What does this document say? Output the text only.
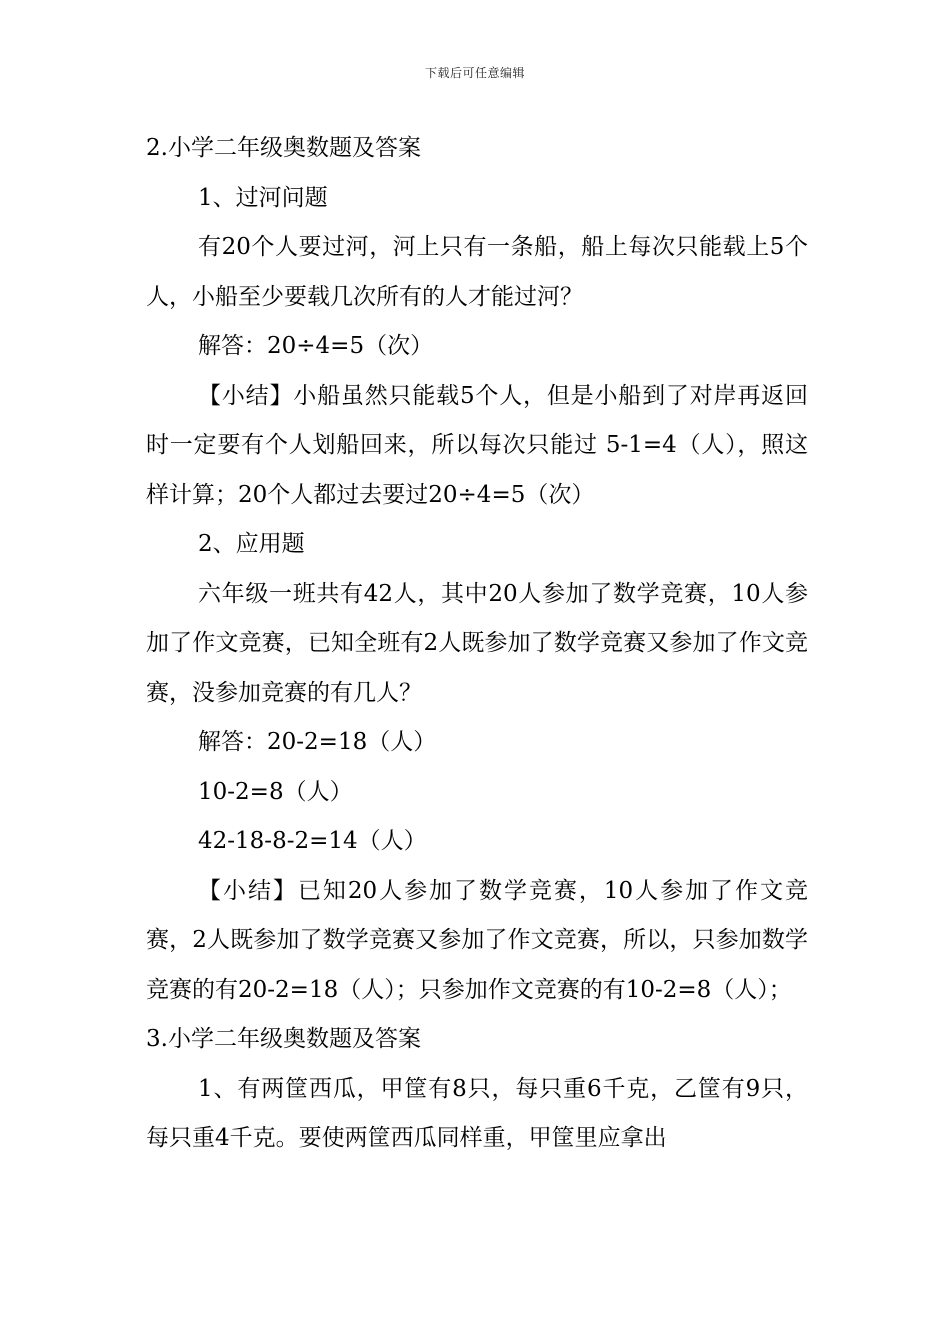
下载后可任意编辑

2.小学二年级奥数题及答案

1、过河问题

有20个人要过河，河上只有一条船，船上每次只能载上5个人，小船至少要载几次所有的人才能过河？

解答：20÷4=5（次）

【小结】小船虽然只能载5个人，但是小船到了对岸再返回时一定要有个人划船回来，所以每次只能过 5-1=4（人），照这样计算；20个人都过去要过20÷4=5（次）

2、应用题

六年级一班共有42人，其中20人参加了数学竞赛，10人参加了作文竞赛，已知全班有2人既参加了数学竞赛又参加了作文竞赛，没参加竞赛的有几人？

解答：20-2=18（人）

10-2=8（人）

42-18-8-2=14（人）

【小结】已知20人参加了数学竞赛，10人参加了作文竞赛，2人既参加了数学竞赛又参加了作文竞赛，所以，只参加数学竞赛的有20-2=18（人）；只参加作文竞赛的有10-2=8（人）；

3.小学二年级奥数题及答案

1、有两筐西瓜，甲筐有8只，每只重6千克，乙筐有9只，每只重4千克。要使两筐西瓜同样重，甲筐里应拿出
